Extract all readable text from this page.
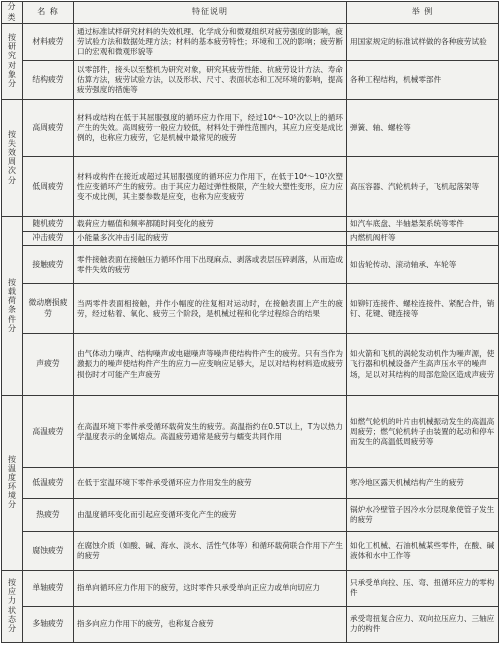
分类	名 称	特征说明	举 例
按研究对象分	材料疲劳	通过标准试样研究材料的失效机理、化学成分和微观组织对疲劳强度的影响，疲劳试验方法和数据处理方法；材料的基本疲劳特性；环境和工况的影响；疲劳断口的宏观和微观形貌等	用国家规定的标准试样做的各种疲劳试验
	结构疲劳	以零部件，接头以至整机为研究对象，研究其疲劳性能、抗疲劳设计方法、寿命估算方法，疲劳试验方法，以及形状、尺寸、表面状态和工况环境的影响，提高疲劳强度的措施等	各种工程结构，机械零部件
按失效周次分	高周疲劳	材料或结构在低于其屈服强度的循环应力作用下，经过10⁴～10⁵次以上的循环产生的失效。高周疲劳一般应力较低，材料处于弹性范围内，其应力应变是成比例的，也称应力疲劳，它是机械中最常见的疲劳	弹簧、轴、螺栓等
	低周疲劳	材料或构件在接近或超过其屈服强度的循环应力作用下，在低于10⁴～10⁵次塑性应变循环产生的疲劳。由于其应力超过弹性极限，产生较大塑性变形，应力应变不成比例，其主要参数是应变，也称为应变疲劳	高压容器、汽轮机转子，飞机起落架等
按载荷条件分	随机疲劳	载荷应力幅值和频率都随时间变化的疲劳	如汽车底盘、半轴悬架系统等零件
	冲击疲劳	小能量多次冲击引起的疲劳	内燃机阀杆等
	接触疲劳	零件接触表面在接触压力循环作用下出现麻点、剥落或表层压碎剥落，从而造成零件失效的疲劳	如齿轮传动、滚动轴承、车轮等
	微动磨损疲劳	当两零件表面相接触，并作小幅度的往复相对运动时，在接触表面上产生的疲劳，经过粘着、氧化、疲劳三个阶段，是机械过程和化学过程综合的结果	如铆钉连接件、螺栓连接件、紧配合件，销钉、花键、键连接等
	声疲劳	由气体动力噪声、结构噪声或电磁噪声等噪声使结构件产生的疲劳。只有当作为激振力的噪声使结构件产生的应力—应变响应足够大，足以对结构材料造成疲劳损伤时才可能产生声疲劳	如火箭和飞机的涡轮发动机作为噪声源，使飞行器和机械设备产生高声压水平的噪声场，足以对其结构的局部危险区造成声疲劳
按温度环境分	高温疲劳	在高温环境下零件承受循环载荷发生的疲劳。高温指约在0.5T以上，T为以热力学温度表示的金属熔点。高温疲劳通常是疲劳与蠕变共同作用	如燃气轮机的叶片由机械振动发生的高温高周疲劳；燃气轮机转子由装置的起动和停车而发生的高温低周疲劳等
	低温疲劳	在低于室温环境下零件承受循环应力作用发生的疲劳	寒冷地区露天机械结构产生的疲劳
	热疲劳	由温度循环变化而引起应变循环变化产生的疲劳	锅炉水冷壁管子因冷水分层现象使管子发生的疲劳
	腐蚀疲劳	在腐蚀介质（如酸、碱、海水、淡水、活性气体等）和循环载荷联合作用下产生的疲劳	如化工机械、石油机械某些零件，在酸、碱液体和水中工作等
按应力状态分	单轴疲劳	指单向循环应力作用下的疲劳，这时零件只承受单向正应力或单向切应力	只承受单向拉、压、弯、扭循环应力的零构件
	多轴疲劳	指多向应力作用下的疲劳，也称复合疲劳	承受弯扭复合应力、双向拉压应力、三轴应力的构件
